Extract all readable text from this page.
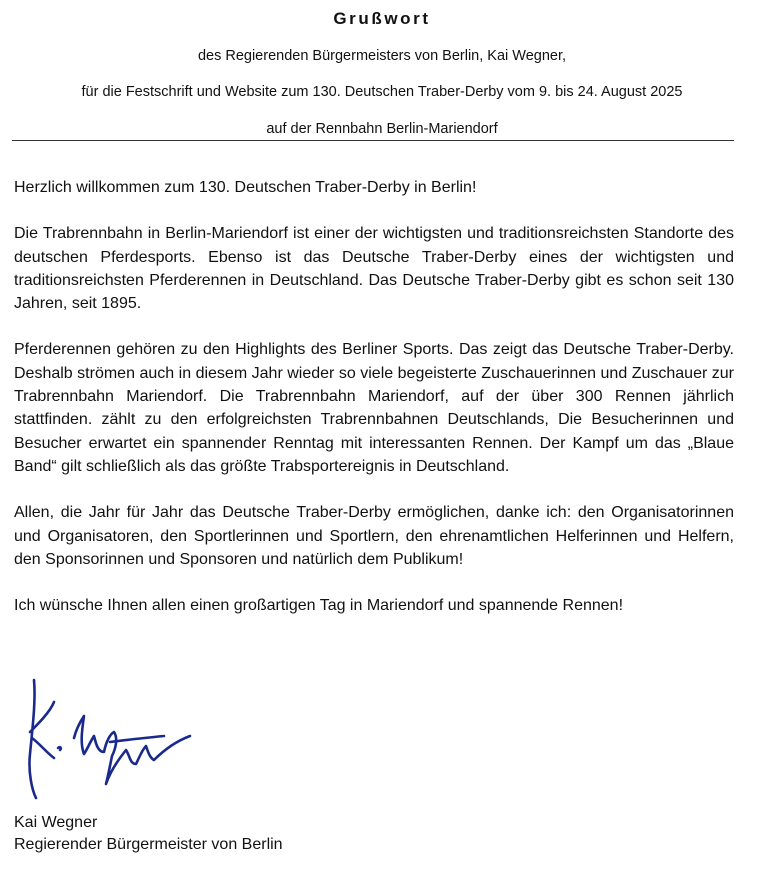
Grußwort

des Regierenden Bürgermeisters von Berlin, Kai Wegner,

für die Festschrift und Website zum 130. Deutschen Traber-Derby vom 9. bis 24. August 2025

auf der Rennbahn Berlin-Mariendorf

Herzlich willkommen zum 130. Deutschen Traber-Derby in Berlin!

Die Trabrennbahn in Berlin-Mariendorf ist einer der wichtigsten und traditionsreichsten Standorte des deutschen Pferdesports. Ebenso ist das Deutsche Traber-Derby eines der wichtigsten und traditionsreichsten Pferderennen in Deutschland. Das Deutsche Traber-Derby gibt es schon seit 130 Jahren, seit 1895.

Pferderennen gehören zu den Highlights des Berliner Sports. Das zeigt das Deutsche Traber-Derby. Deshalb strömen auch in diesem Jahr wieder so viele begeisterte Zuschauerinnen und Zuschauer zur Trabrennbahn Mariendorf. Die Trabrennbahn Mariendorf, auf der über 300 Rennen jährlich stattfinden. zählt zu den erfolgreichsten Trabrennbahnen Deutschlands, Die Besucherinnen und Besucher erwartet ein spannender Renntag mit interessanten Rennen. Der Kampf um das „Blaue Band“ gilt schließlich als das größte Trabsportereignis in Deutschland.

Allen, die Jahr für Jahr das Deutsche Traber-Derby ermöglichen, danke ich: den Organisatorinnen und Organisatoren, den Sportlerinnen und Sportlern, den ehrenamtlichen Helferinnen und Helfern, den Sponsorinnen und Sponsoren und natürlich dem Publikum!

Ich wünsche Ihnen allen einen großartigen Tag in Mariendorf und spannende Rennen!

Kai Wegner
Regierender Bürgermeister von Berlin
